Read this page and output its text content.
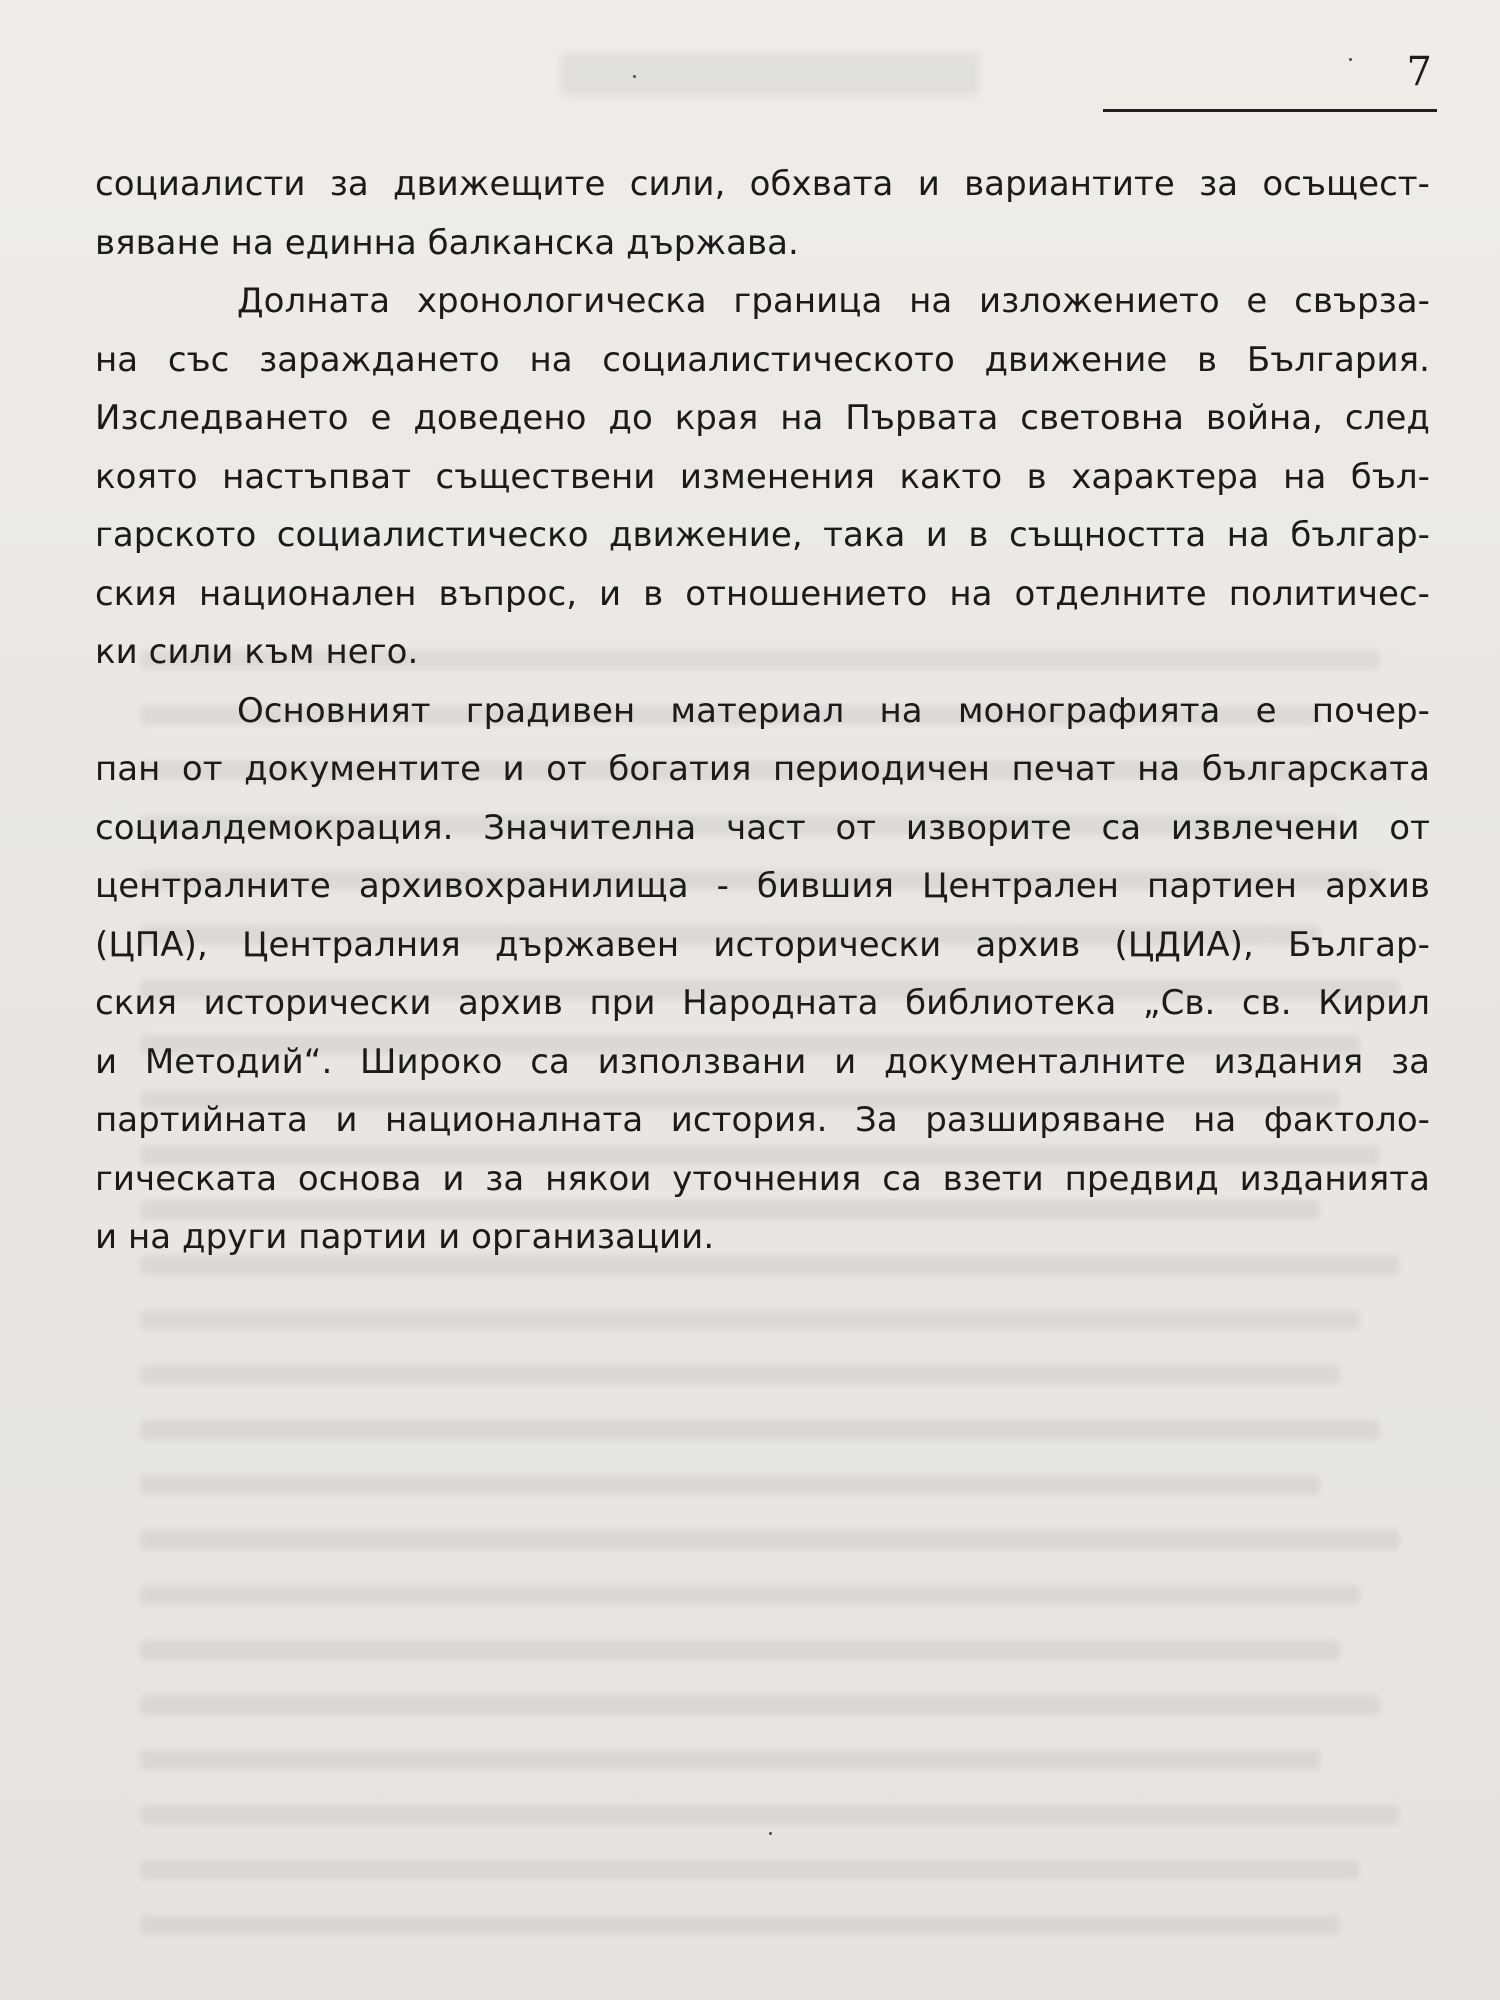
7
социалисти за движещите сили, обхвата и вариантите за осъщест-
вяване на единна балканска държава.
Долната хронологическа граница на изложението е свърза-
на със зараждането на социалистическото движение в България.
Изследването е доведено до края на Първата световна война, след
която настъпват съществени изменения както в характера на бъл-
гарското социалистическо движение, така и в същността на българ-
ския национален въпрос, и в отношението на отделните политичес-
ки сили към него.
Основният градивен материал на монографията е почер-
пан от документите и от богатия периодичен печат на българската
социалдемокрация. Значителна част от изворите са извлечени от
централните архивохранилища - бившия Централен партиен архив
(ЦПА), Централния държавен исторически архив (ЦДИА), Българ-
ския исторически архив при Народната библиотека „Св. св. Кирил
и Методий“. Широко са използвани и документалните издания за
партийната и националната история. За разширяване на фактоло-
гическата основа и за някои уточнения са взети предвид изданията
и на други партии и организации.
